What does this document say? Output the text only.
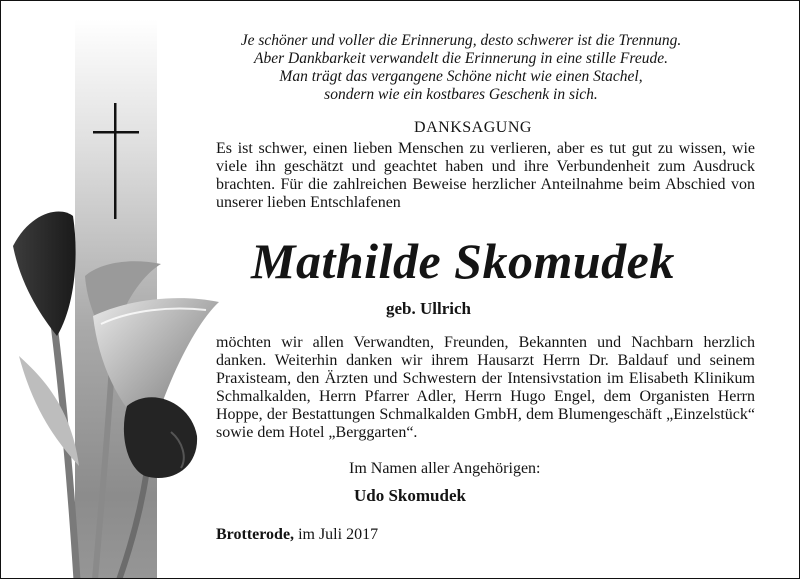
Je schöner und voller die Erinnerung, desto schwerer ist die Trennung.
Aber Dankbarkeit verwandelt die Erinnerung in eine stille Freude.
Man trägt das vergangene Schöne nicht wie einen Stachel,
sondern wie ein kostbares Geschenk in sich.
DANKSAGUNG
Es ist schwer, einen lieben Menschen zu verlieren, aber es tut gut zu wissen, wie viele ihn geschätzt und geachtet haben und ihre Verbundenheit zum Ausdruck brachten. Für die zahlreichen Beweise herzlicher Anteilnahme beim Abschied von unserer lieben Entschlafenen
Mathilde Skomudek
geb. Ullrich
möchten wir allen Verwandten, Freunden, Bekannten und Nachbarn herzlich danken. Weiterhin danken wir ihrem Hausarzt Herrn Dr. Baldauf und seinem Praxisteam, den Ärzten und Schwestern der Intensivstation im Elisabeth Klinikum Schmalkalden, Herrn Pfarrer Adler, Herrn Hugo Engel, dem Organisten Herrn Hoppe, der Bestattungen Schmalkalden GmbH, dem Blumengeschäft „Einzelstück“ sowie dem Hotel „Berggarten“.
Im Namen aller Angehörigen:
Udo Skomudek
Brotterode, im Juli 2017
